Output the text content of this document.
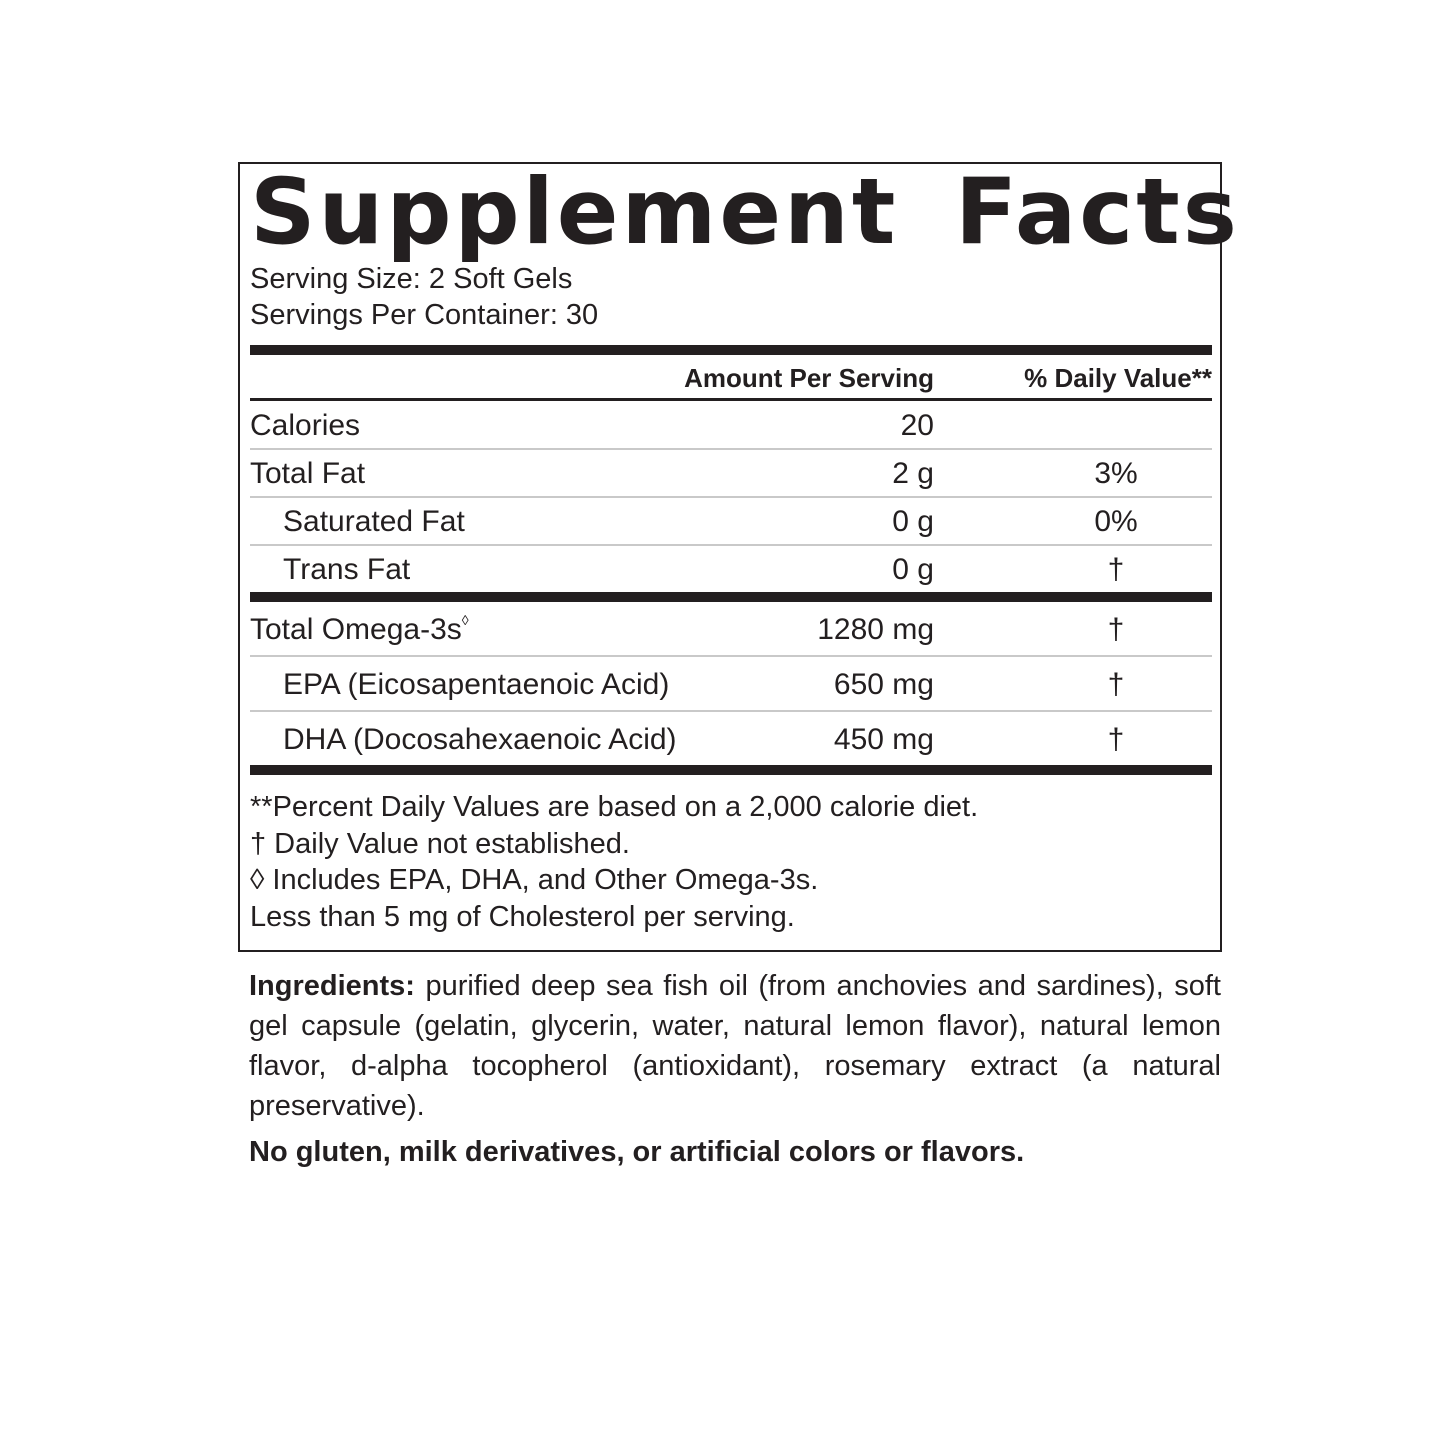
Supplement Facts
Serving Size: 2 Soft Gels
Servings Per Container: 30
Amount Per Serving	% Daily Value**
Calories	20
Total Fat	2 g	3%
Saturated Fat	0 g	0%
Trans Fat	0 g	†
Total Omega-3s◊	1280 mg	†
EPA (Eicosapentaenoic Acid)	650 mg	†
DHA (Docosahexaenoic Acid)	450 mg	†
**Percent Daily Values are based on a 2,000 calorie diet.
† Daily Value not established.
◊ Includes EPA, DHA, and Other Omega-3s.
Less than 5 mg of Cholesterol per serving.
Ingredients: purified deep sea fish oil (from anchovies and sardines), soft gel capsule (gelatin, glycerin, water, natural lemon flavor), natural lemon flavor, d-alpha tocopherol (antioxidant), rosemary extract (a natural preservative).
No gluten, milk derivatives, or artificial colors or flavors.
